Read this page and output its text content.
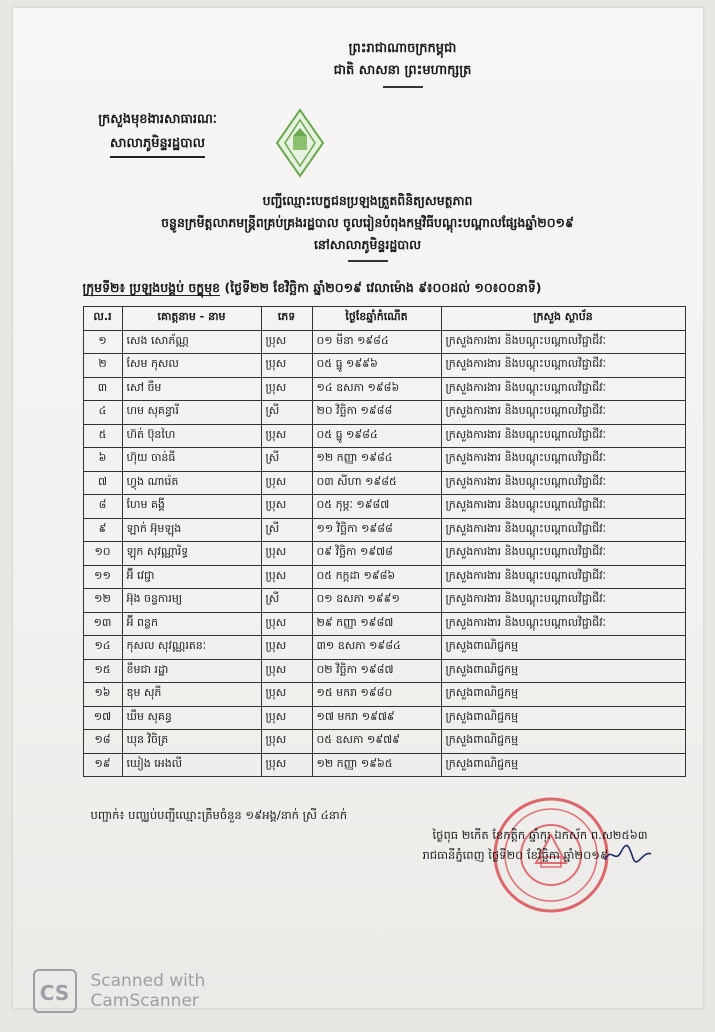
ព្រះរាជាណាចក្រកម្ពុជា
ជាតិ សាសនា ព្រះមហាក្សត្រ
ក្រសួងមុខងារសាធារណៈ
សាលាភូមិន្ទរដ្ឋបាល
បញ្ជីឈ្មោះបេក្ខជនប្រឡងត្រួតពិនិត្យសមត្ថភាព
ចន្លូនក្រមីត្តលាភមន្ត្រីពគ្រប់គ្រងរដ្ឋបាល ចូលរៀនបំពុងកម្មវិធីបណ្តុះបណ្តាលផ្សែងឆ្នាំ២០១៩
នៅសាលាភូមិន្ទរដ្ឋបាល
ក្រុមទី២៖ ប្រឡងបង្គប់ ចក្ខុមុខ (ថ្ងៃទី២២ ខែវិច្ឆិកា ឆ្នាំ២០១៩ វេលាម៉ោង ៩៖០០ដល់ ១០៖០០នាទី)
ល.រ	គោត្តនាម - នាម	ភេទ	ថ្ងៃខែឆ្នាំកំណើត	ក្រសួង ស្ថាប័ន
១	សេង សោភ័ណ្ណ	ប្រុស	០១ មីនា ១៩៨៤	ក្រសួងការងារ និងបណ្តុះបណ្តាលវិជ្ជាជីវៈ
២	សែម កុសល	ប្រុស	០៥ ធ្នូ ១៩៩៦	ក្រសួងការងារ និងបណ្តុះបណ្តាលវិជ្ជាជីវៈ
៣	សៅ ចឹម	ប្រុស	១៤ ឧសភា ១៩៨៦	ក្រសួងការងារ និងបណ្តុះបណ្តាលវិជ្ជាជីវៈ
៤	ហម សុគន្ធារី	ស្រី	២០ វិច្ឆិកា ១៩៨៨	ក្រសួងការងារ និងបណ្តុះបណ្តាលវិជ្ជាជីវៈ
៥	ហ៊ត់ ប៊ុនហៃ	ប្រុស	០៥ ធ្នូ ១៩៨៤	ក្រសួងការងារ និងបណ្តុះបណ្តាលវិជ្ជាជីវៈ
៦	ហ៊ុយ ចាន់ធី	ស្រី	១២ កញ្ញា ១៩៨៤	ក្រសួងការងារ និងបណ្តុះបណ្តាលវិជ្ជាជីវៈ
៧	ហ្វុង ណារ៉េត	ប្រុស	០៣ សីហា ១៩៨៥	ក្រសួងការងារ និងបណ្តុះបណ្តាលវិជ្ជាជីវៈ
៨	ហែម គង្គី	ប្រុស	០៥ កុម្ភៈ ១៩៨៧	ក្រសួងការងារ និងបណ្តុះបណ្តាលវិជ្ជាជីវៈ
៩	ឡាក់ អ៊ុមឡុង	ស្រី	១១ វិច្ឆិកា ១៩៨៨	ក្រសួងការងារ និងបណ្តុះបណ្តាលវិជ្ជាជីវៈ
១០	ឡុក សុវណ្ណារិទ្ធ	ប្រុស	០៩ វិច្ឆិកា ១៩៧៨	ក្រសួងការងារ និងបណ្តុះបណ្តាលវិជ្ជាជីវៈ
១១	អ៊ី វេជ្ជា	ប្រុស	០៥ កក្កដា ១៩៨៦	ក្រសួងការងារ និងបណ្តុះបណ្តាលវិជ្ជាជីវៈ
១២	អ៊ុង ចន្ទការម្យ	ស្រី	០១ ឧសភា ១៩៩១	ក្រសួងការងារ និងបណ្តុះបណ្តាលវិជ្ជាជីវៈ
១៣	អ៊ី ពន្លក	ប្រុស	២៩ កញ្ញា ១៩៨៧	ក្រសួងការងារ និងបណ្តុះបណ្តាលវិជ្ជាជីវៈ
១៤	កុសល សុវណ្ណរតនៈ	ប្រុស	៣១ ឧសភា ១៩៨៤	ក្រសួងពាណិជ្ជកម្ម
១៥	ខឹមជា រដ្ឋា	ប្រុស	០២ វិច្ឆិកា ១៩៨៧	ក្រសួងពាណិជ្ជកម្ម
១៦	ឌុម សុភី	ប្រុស	១៥ មករា ១៩៨០	ក្រសួងពាណិជ្ជកម្ម
១៧	ឃឹម សុគន្ធ	ប្រុស	១៧ មករា ១៩៧៩	ក្រសួងពាណិជ្ជកម្ម
១៨	ឃុន វិចិត្រ	ប្រុស	០៥ ឧសភា ១៩៧៩	ក្រសួងពាណិជ្ជកម្ម
១៩	ឃៀង អេងលី	ប្រុស	១២ កញ្ញា ១៩៦៥	ក្រសួងពាណិជ្ជកម្ម
បញ្ជាក់៖ បញ្ឈប់បញ្ជីឈ្មោះត្រឹមចំនួន ១៩អង្គ/នាក់ ស្រី ៤នាក់
ថ្ងៃពុធ ២កើត ខែកត្តិក ឆ្នាំកុរ ឯកស័ក ព.ស២៥៦៣
រាជធានីភ្នំពេញ ថ្ងៃទី២០ ខែវិច្ឆិកា ឆ្នាំ២០១៩
CS	Scanned with
CamScanner
